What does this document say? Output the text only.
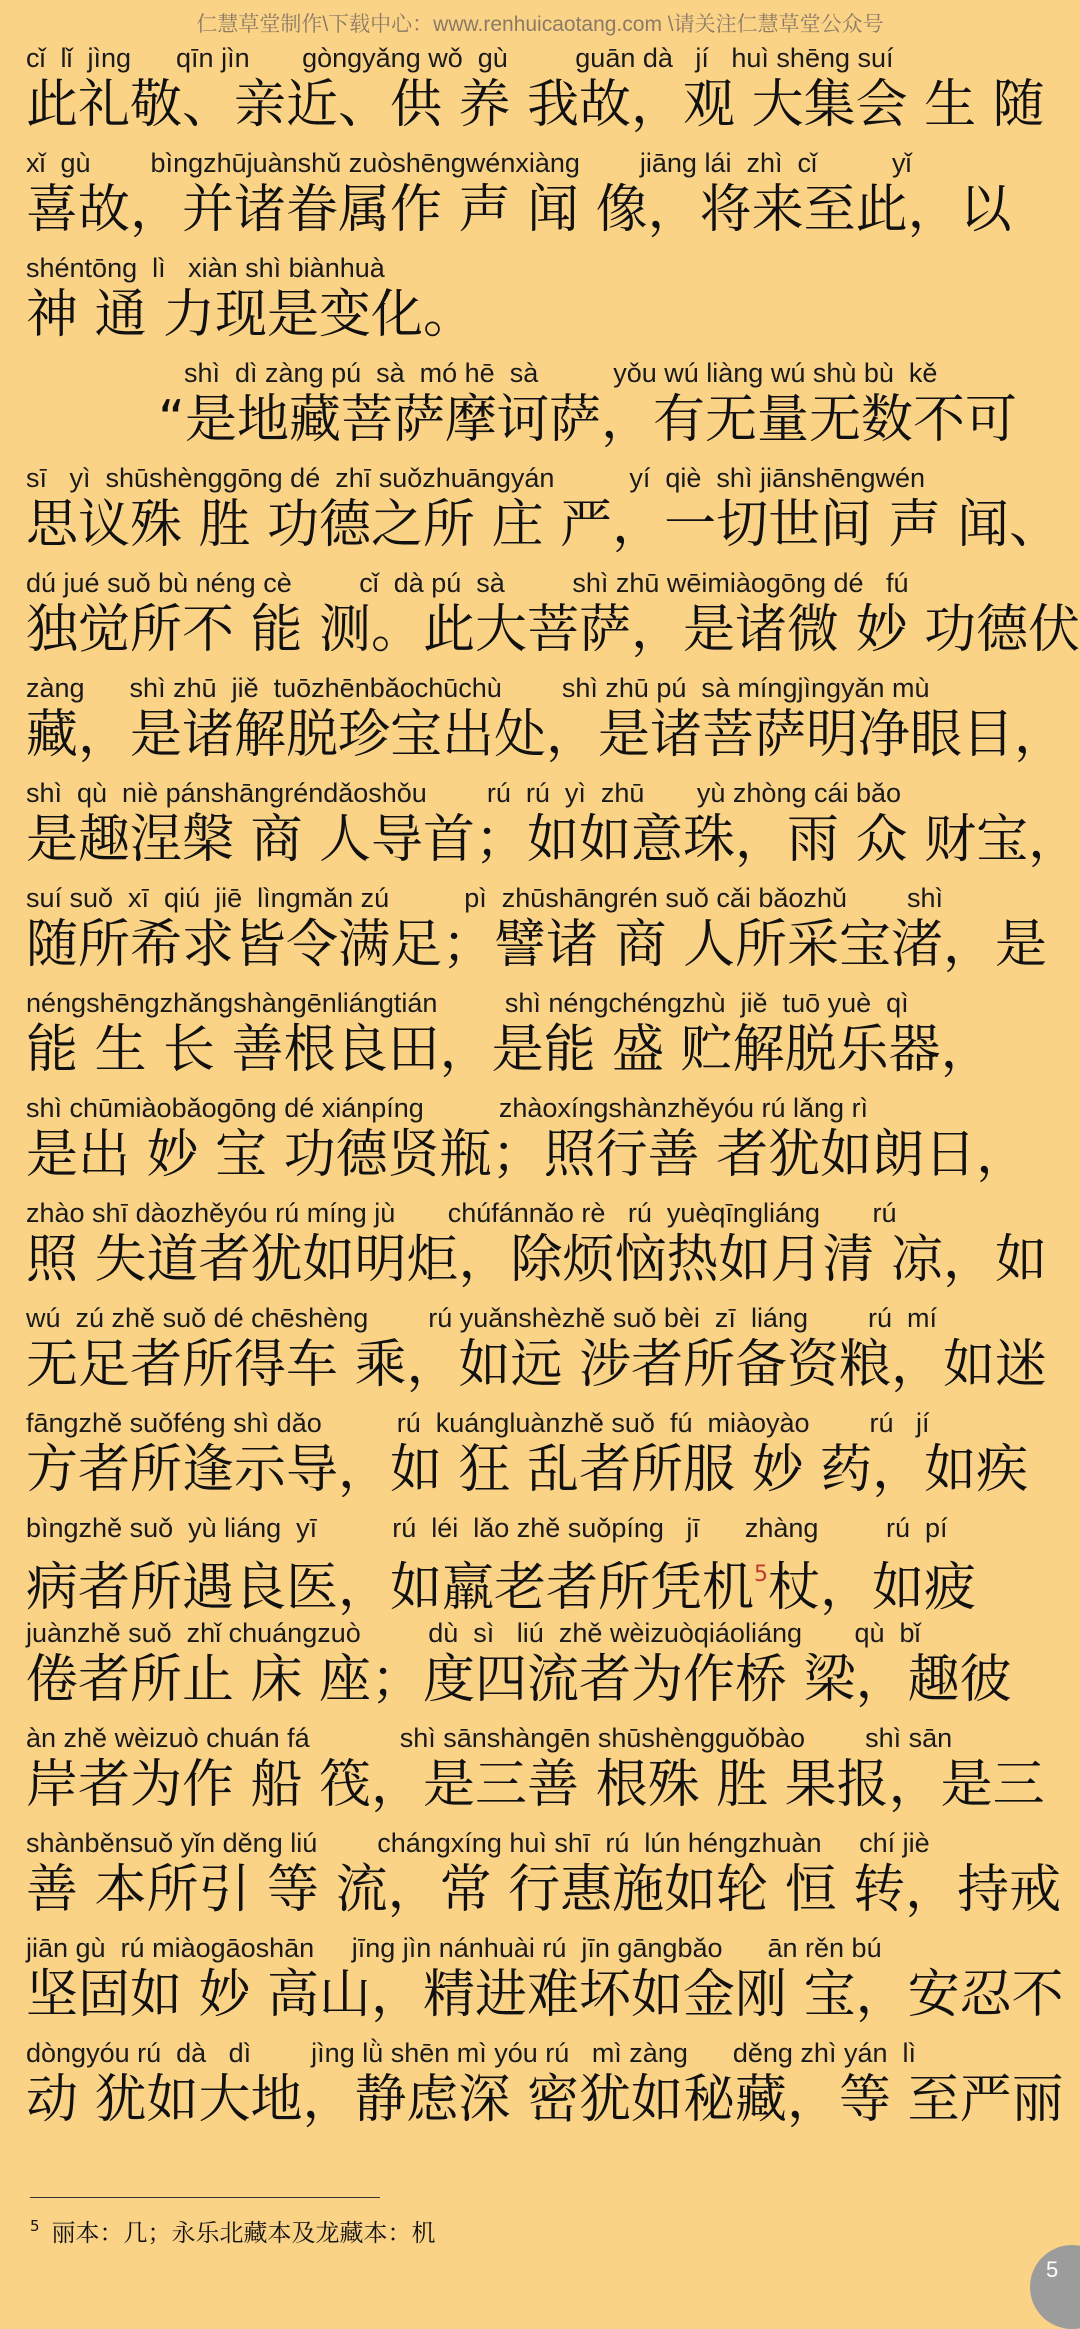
仁慧草堂制作\下载中心：www.renhuicaotang.com \请关注仁慧草堂公众号
cǐ  lǐ  jìng      qīn jìn       gòngyǎng wǒ  gù         guān dà   jí   huì shēng suí
此礼敬、亲近、供 养 我故，观 大集会 生 随
xǐ  gù        bìngzhūjuànshǔ zuòshēngwénxiàng        jiāng lái  zhì  cǐ          yǐ
喜故，并诸眷属作 声 闻 像，将来至此，以
shéntōng  lì   xiàn shì biànhuà
神 通 力现是变化。
shì  dì zàng pú  sà  mó hē  sà          yǒu wú liàng wú shù bù  kě
“是地藏菩萨摩诃萨，有无量无数不可
sī   yì  shūshènggōng dé  zhī suǒzhuāngyán          yí  qiè  shì jiānshēngwén
思议殊 胜 功德之所 庄 严，一切世间 声 闻、
dú jué suǒ bù néng cè         cǐ  dà pú  sà         shì zhū wēimiàogōng dé   fú
独觉所不 能 测。此大菩萨，是诸微 妙 功德伏
zàng      shì zhū  jiě  tuōzhēnbǎochūchù        shì zhū pú  sà míngjìngyǎn mù
藏，是诸解脱珍宝出处，是诸菩萨明净眼目，
shì  qù  niè pánshāngréndǎoshǒu        rú  rú  yì  zhū       yù zhòng cái bǎo
是趣涅槃 商 人导首；如如意珠，雨 众 财宝，
suí suǒ  xī  qiú  jiē  lìngmǎn zú          pì  zhūshāngrén suǒ cǎi bǎozhǔ        shì
随所希求皆令满足；譬诸 商 人所采宝渚，是
néngshēngzhǎngshàngēnliángtián         shì néngchéngzhù  jiě  tuō yuè  qì
能 生 长 善根良田，是能 盛 贮解脱乐器，
shì chūmiàobǎogōng dé xiánpíng          zhàoxíngshànzhěyóu rú lǎng rì
是出 妙 宝 功德贤瓶；照行善 者犹如朗日，
zhào shī dàozhěyóu rú míng jù       chúfánnǎo rè   rú  yuèqīngliáng       rú
照 失道者犹如明炬，除烦恼热如月清 凉，如
wú  zú zhě suǒ dé chēshèng        rú yuǎnshèzhě suǒ bèi  zī  liáng        rú  mí
无足者所得车 乘，如远 涉者所备资粮，如迷
fāngzhě suǒféng shì dǎo          rú  kuángluànzhě suǒ  fú  miàoyào        rú   jí
方者所逢示导，如 狂 乱者所服 妙 药，如疾
bìngzhě suǒ  yù liáng  yī          rú  léi  lǎo zhě suǒpíng   jī      zhàng         rú  pí
病者所遇良医，如羸老者所凭机$^5$杖，如疲
juànzhě suǒ  zhǐ chuángzuò         dù  sì   liú  zhě wèizuòqiáoliáng       qù  bǐ
倦者所止 床 座；度四流者为作桥 梁，趣彼
àn zhě wèizuò chuán fá            shì sānshàngēn shūshèngguǒbào        shì sān
岸者为作 船 筏，是三善 根殊 胜 果报，是三
shànběnsuǒ yǐn děng liú        chángxíng huì shī  rú  lún héngzhuàn     chí jiè
善 本所引 等 流，常 行惠施如轮 恒 转，持戒
jiān gù  rú miàogāoshān     jīng jìn nánhuài rú  jīn gāngbǎo      ān rěn bú
坚固如 妙 高山，精进难坏如金刚 宝，安忍不
dòngyóu rú  dà   dì        jìng lǜ shēn mì yóu rú   mì zàng      děng zhì yán  lì
动 犹如大地，静虑深 密犹如秘藏，等 至严丽
$^5$ 丽本：几；永乐北藏本及龙藏本：机
5
